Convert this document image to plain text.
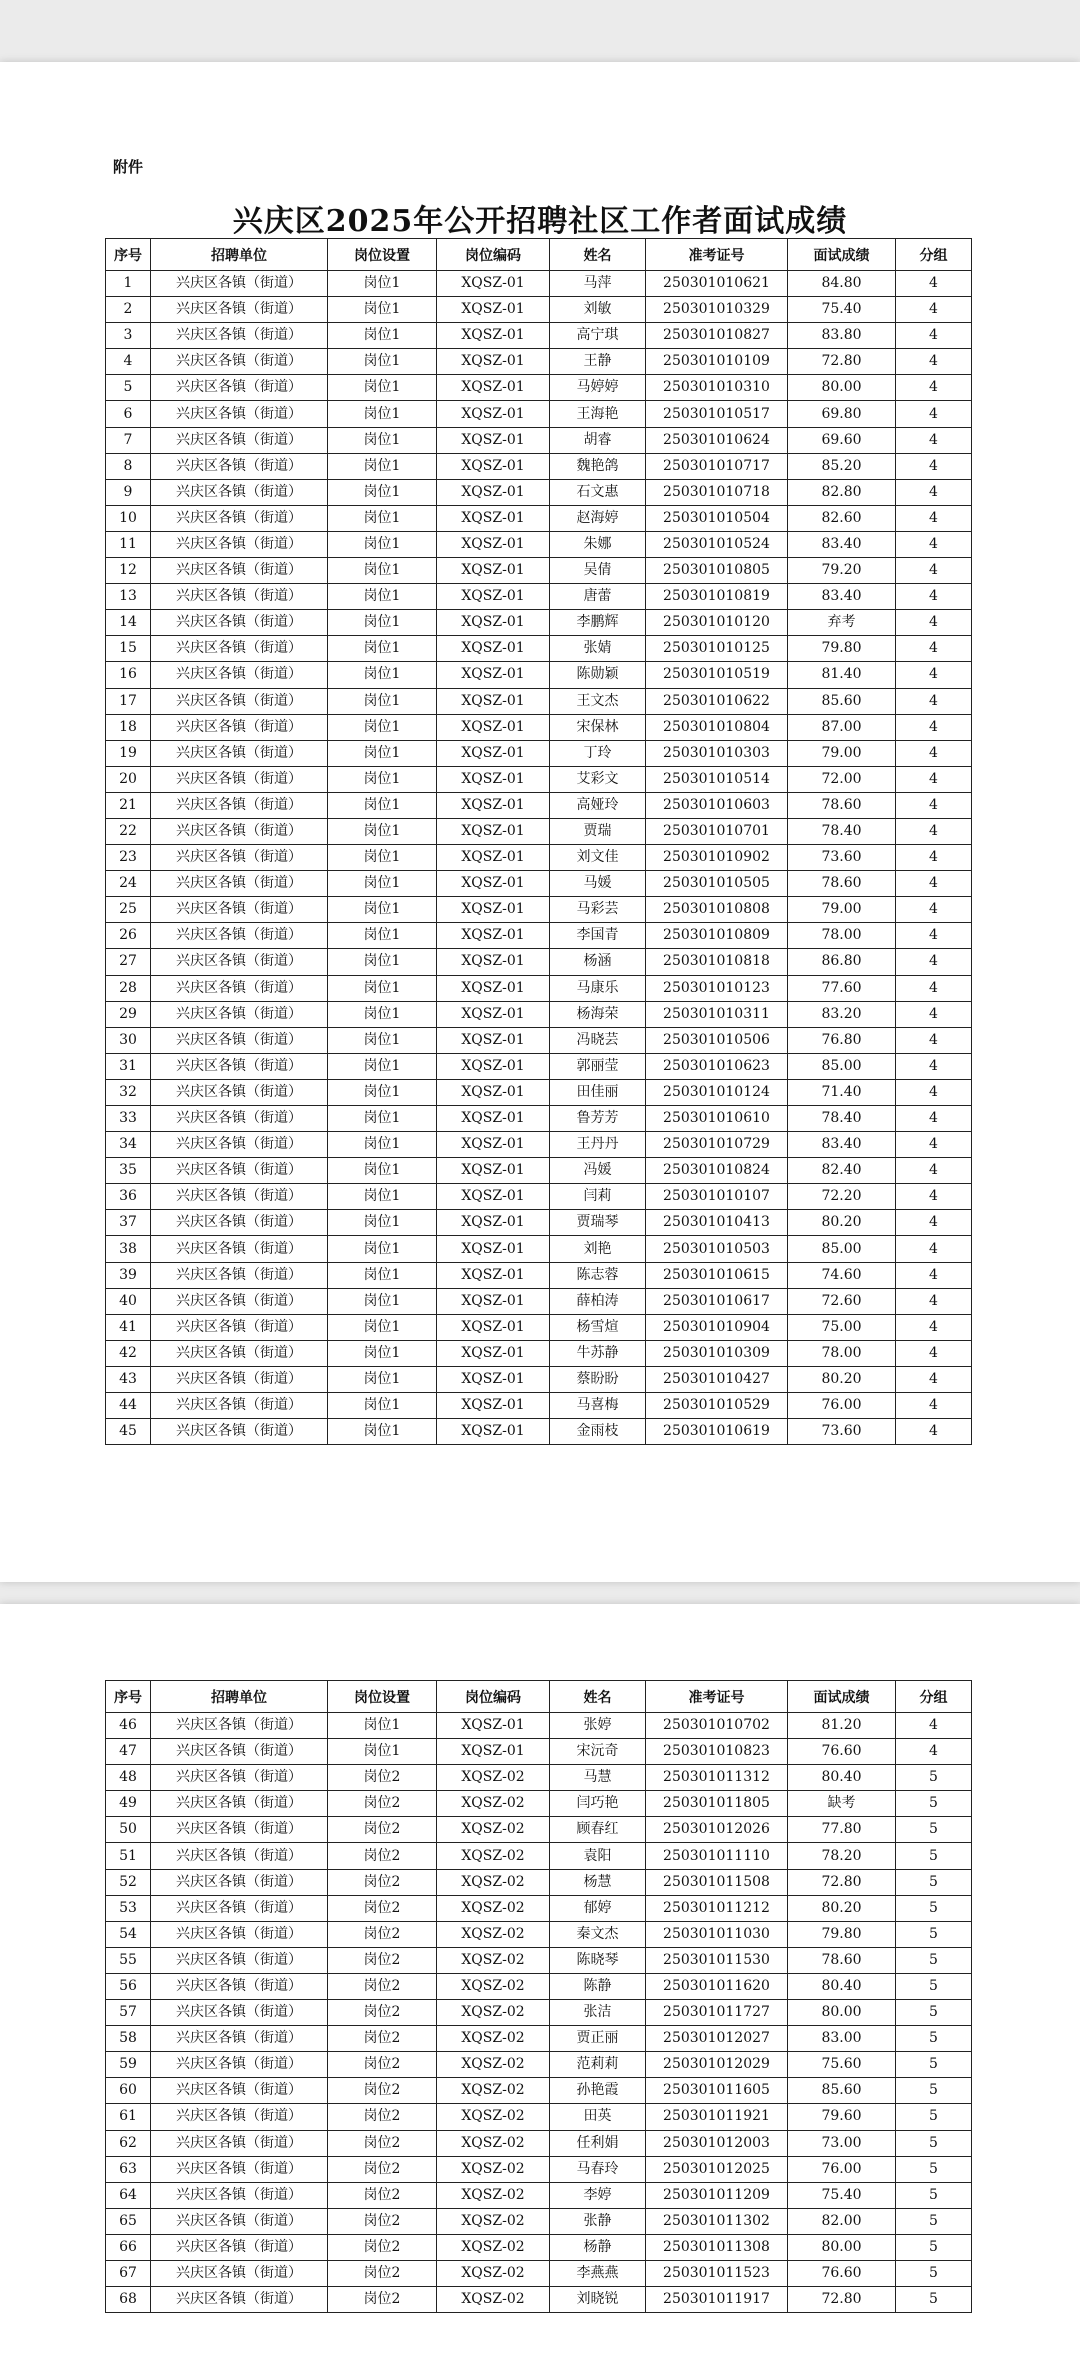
附件
兴庆区2025年公开招聘社区工作者面试成绩
序号	招聘单位	岗位设置	岗位编码	姓名	准考证号	面试成绩	分组
1	兴庆区各镇（街道）	岗位1	XQSZ-01	马萍	250301010621	84.80	4
2	兴庆区各镇（街道）	岗位1	XQSZ-01	刘敏	250301010329	75.40	4
3	兴庆区各镇（街道）	岗位1	XQSZ-01	高宁琪	250301010827	83.80	4
4	兴庆区各镇（街道）	岗位1	XQSZ-01	王静	250301010109	72.80	4
5	兴庆区各镇（街道）	岗位1	XQSZ-01	马婷婷	250301010310	80.00	4
6	兴庆区各镇（街道）	岗位1	XQSZ-01	王海艳	250301010517	69.80	4
7	兴庆区各镇（街道）	岗位1	XQSZ-01	胡睿	250301010624	69.60	4
8	兴庆区各镇（街道）	岗位1	XQSZ-01	魏艳鸽	250301010717	85.20	4
9	兴庆区各镇（街道）	岗位1	XQSZ-01	石文惠	250301010718	82.80	4
10	兴庆区各镇（街道）	岗位1	XQSZ-01	赵海婷	250301010504	82.60	4
11	兴庆区各镇（街道）	岗位1	XQSZ-01	朱娜	250301010524	83.40	4
12	兴庆区各镇（街道）	岗位1	XQSZ-01	吴倩	250301010805	79.20	4
13	兴庆区各镇（街道）	岗位1	XQSZ-01	唐蕾	250301010819	83.40	4
14	兴庆区各镇（街道）	岗位1	XQSZ-01	李鹏辉	250301010120	弃考	4
15	兴庆区各镇（街道）	岗位1	XQSZ-01	张婧	250301010125	79.80	4
16	兴庆区各镇（街道）	岗位1	XQSZ-01	陈勋颖	250301010519	81.40	4
17	兴庆区各镇（街道）	岗位1	XQSZ-01	王文杰	250301010622	85.60	4
18	兴庆区各镇（街道）	岗位1	XQSZ-01	宋保林	250301010804	87.00	4
19	兴庆区各镇（街道）	岗位1	XQSZ-01	丁玲	250301010303	79.00	4
20	兴庆区各镇（街道）	岗位1	XQSZ-01	艾彩文	250301010514	72.00	4
21	兴庆区各镇（街道）	岗位1	XQSZ-01	高娅玲	250301010603	78.60	4
22	兴庆区各镇（街道）	岗位1	XQSZ-01	贾瑞	250301010701	78.40	4
23	兴庆区各镇（街道）	岗位1	XQSZ-01	刘文佳	250301010902	73.60	4
24	兴庆区各镇（街道）	岗位1	XQSZ-01	马媛	250301010505	78.60	4
25	兴庆区各镇（街道）	岗位1	XQSZ-01	马彩芸	250301010808	79.00	4
26	兴庆区各镇（街道）	岗位1	XQSZ-01	李国青	250301010809	78.00	4
27	兴庆区各镇（街道）	岗位1	XQSZ-01	杨涵	250301010818	86.80	4
28	兴庆区各镇（街道）	岗位1	XQSZ-01	马康乐	250301010123	77.60	4
29	兴庆区各镇（街道）	岗位1	XQSZ-01	杨海荣	250301010311	83.20	4
30	兴庆区各镇（街道）	岗位1	XQSZ-01	冯晓芸	250301010506	76.80	4
31	兴庆区各镇（街道）	岗位1	XQSZ-01	郭丽莹	250301010623	85.00	4
32	兴庆区各镇（街道）	岗位1	XQSZ-01	田佳丽	250301010124	71.40	4
33	兴庆区各镇（街道）	岗位1	XQSZ-01	鲁芳芳	250301010610	78.40	4
34	兴庆区各镇（街道）	岗位1	XQSZ-01	王丹丹	250301010729	83.40	4
35	兴庆区各镇（街道）	岗位1	XQSZ-01	冯媛	250301010824	82.40	4
36	兴庆区各镇（街道）	岗位1	XQSZ-01	闫莉	250301010107	72.20	4
37	兴庆区各镇（街道）	岗位1	XQSZ-01	贾瑞琴	250301010413	80.20	4
38	兴庆区各镇（街道）	岗位1	XQSZ-01	刘艳	250301010503	85.00	4
39	兴庆区各镇（街道）	岗位1	XQSZ-01	陈志蓉	250301010615	74.60	4
40	兴庆区各镇（街道）	岗位1	XQSZ-01	薛柏涛	250301010617	72.60	4
41	兴庆区各镇（街道）	岗位1	XQSZ-01	杨雪煊	250301010904	75.00	4
42	兴庆区各镇（街道）	岗位1	XQSZ-01	牛苏静	250301010309	78.00	4
43	兴庆区各镇（街道）	岗位1	XQSZ-01	蔡盼盼	250301010427	80.20	4
44	兴庆区各镇（街道）	岗位1	XQSZ-01	马喜梅	250301010529	76.00	4
45	兴庆区各镇（街道）	岗位1	XQSZ-01	金雨枝	250301010619	73.60	4
序号	招聘单位	岗位设置	岗位编码	姓名	准考证号	面试成绩	分组
46	兴庆区各镇（街道）	岗位1	XQSZ-01	张婷	250301010702	81.20	4
47	兴庆区各镇（街道）	岗位1	XQSZ-01	宋沅奇	250301010823	76.60	4
48	兴庆区各镇（街道）	岗位2	XQSZ-02	马慧	250301011312	80.40	5
49	兴庆区各镇（街道）	岗位2	XQSZ-02	闫巧艳	250301011805	缺考	5
50	兴庆区各镇（街道）	岗位2	XQSZ-02	顾春红	250301012026	77.80	5
51	兴庆区各镇（街道）	岗位2	XQSZ-02	袁阳	250301011110	78.20	5
52	兴庆区各镇（街道）	岗位2	XQSZ-02	杨慧	250301011508	72.80	5
53	兴庆区各镇（街道）	岗位2	XQSZ-02	郁婷	250301011212	80.20	5
54	兴庆区各镇（街道）	岗位2	XQSZ-02	秦文杰	250301011030	79.80	5
55	兴庆区各镇（街道）	岗位2	XQSZ-02	陈晓琴	250301011530	78.60	5
56	兴庆区各镇（街道）	岗位2	XQSZ-02	陈静	250301011620	80.40	5
57	兴庆区各镇（街道）	岗位2	XQSZ-02	张洁	250301011727	80.00	5
58	兴庆区各镇（街道）	岗位2	XQSZ-02	贾正丽	250301012027	83.00	5
59	兴庆区各镇（街道）	岗位2	XQSZ-02	范莉莉	250301012029	75.60	5
60	兴庆区各镇（街道）	岗位2	XQSZ-02	孙艳霞	250301011605	85.60	5
61	兴庆区各镇（街道）	岗位2	XQSZ-02	田英	250301011921	79.60	5
62	兴庆区各镇（街道）	岗位2	XQSZ-02	任利娟	250301012003	73.00	5
63	兴庆区各镇（街道）	岗位2	XQSZ-02	马春玲	250301012025	76.00	5
64	兴庆区各镇（街道）	岗位2	XQSZ-02	李婷	250301011209	75.40	5
65	兴庆区各镇（街道）	岗位2	XQSZ-02	张静	250301011302	82.00	5
66	兴庆区各镇（街道）	岗位2	XQSZ-02	杨静	250301011308	80.00	5
67	兴庆区各镇（街道）	岗位2	XQSZ-02	李燕燕	250301011523	76.60	5
68	兴庆区各镇（街道）	岗位2	XQSZ-02	刘晓锐	250301011917	72.80	5
